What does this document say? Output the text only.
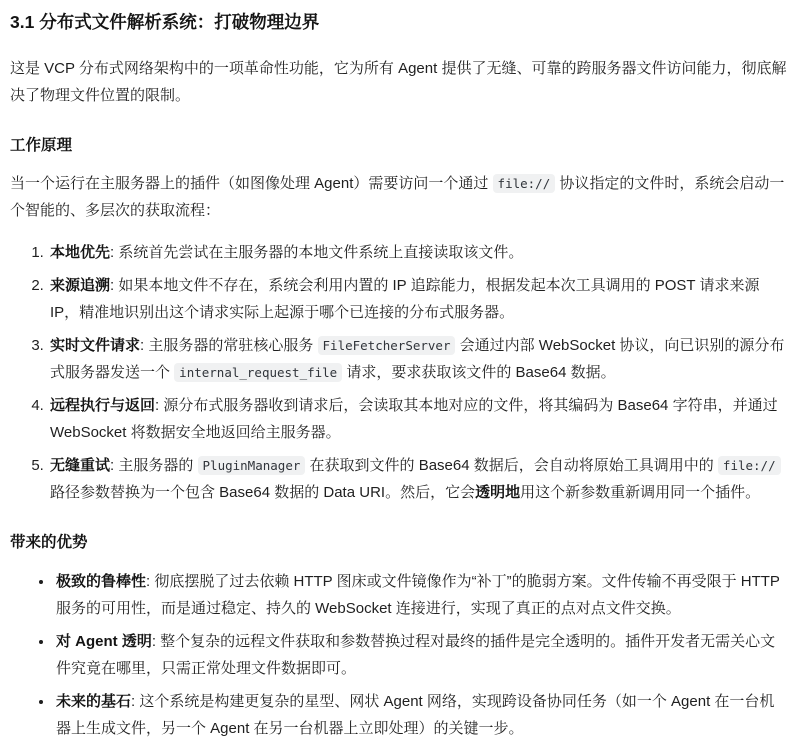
3.1 分布式文件解析系统：打破物理边界

这是 VCP 分布式网络架构中的一项革命性功能，它为所有 Agent 提供了无缝、可靠的跨服务器文件访问能力，彻底解决了物理文件位置的限制。

工作原理

当一个运行在主服务器上的插件（如图像处理 Agent）需要访问一个通过 file:// 协议指定的文件时，系统会启动一个智能的、多层次的获取流程：

1. 本地优先: 系统首先尝试在主服务器的本地文件系统上直接读取该文件。
2. 来源追溯: 如果本地文件不存在，系统会利用内置的 IP 追踪能力，根据发起本次工具调用的 POST 请求来源 IP，精准地识别出这个请求实际上起源于哪个已连接的分布式服务器。
3. 实时文件请求: 主服务器的常驻核心服务 FileFetcherServer 会通过内部 WebSocket 协议，向已识别的源分布式服务器发送一个 internal_request_file 请求，要求获取该文件的 Base64 数据。
4. 远程执行与返回: 源分布式服务器收到请求后，会读取其本地对应的文件，将其编码为 Base64 字符串，并通过 WebSocket 将数据安全地返回给主服务器。
5. 无缝重试: 主服务器的 PluginManager 在获取到文件的 Base64 数据后，会自动将原始工具调用中的 file:// 路径参数替换为一个包含 Base64 数据的 Data URI。然后，它会透明地用这个新参数重新调用同一个插件。
带来的优势
• 极致的鲁棒性: 彻底摆脱了过去依赖 HTTP 图床或文件镜像作为“补丁”的脆弱方案。文件传输不再受限于 HTTP 服务的可用性，而是通过稳定、持久的 WebSocket 连接进行，实现了真正的点对点文件交换。
• 对 Agent 透明: 整个复杂的远程文件获取和参数替换过程对最终的插件是完全透明的。插件开发者无需关心文件究竟在哪里，只需正常处理文件数据即可。
• 未来的基石: 这个系统是构建更复杂的星型、网状 Agent 网络，实现跨设备协同任务（如一个 Agent 在一台机器上生成文件，另一个 Agent 在另一台机器上立即处理）的关键一步。
